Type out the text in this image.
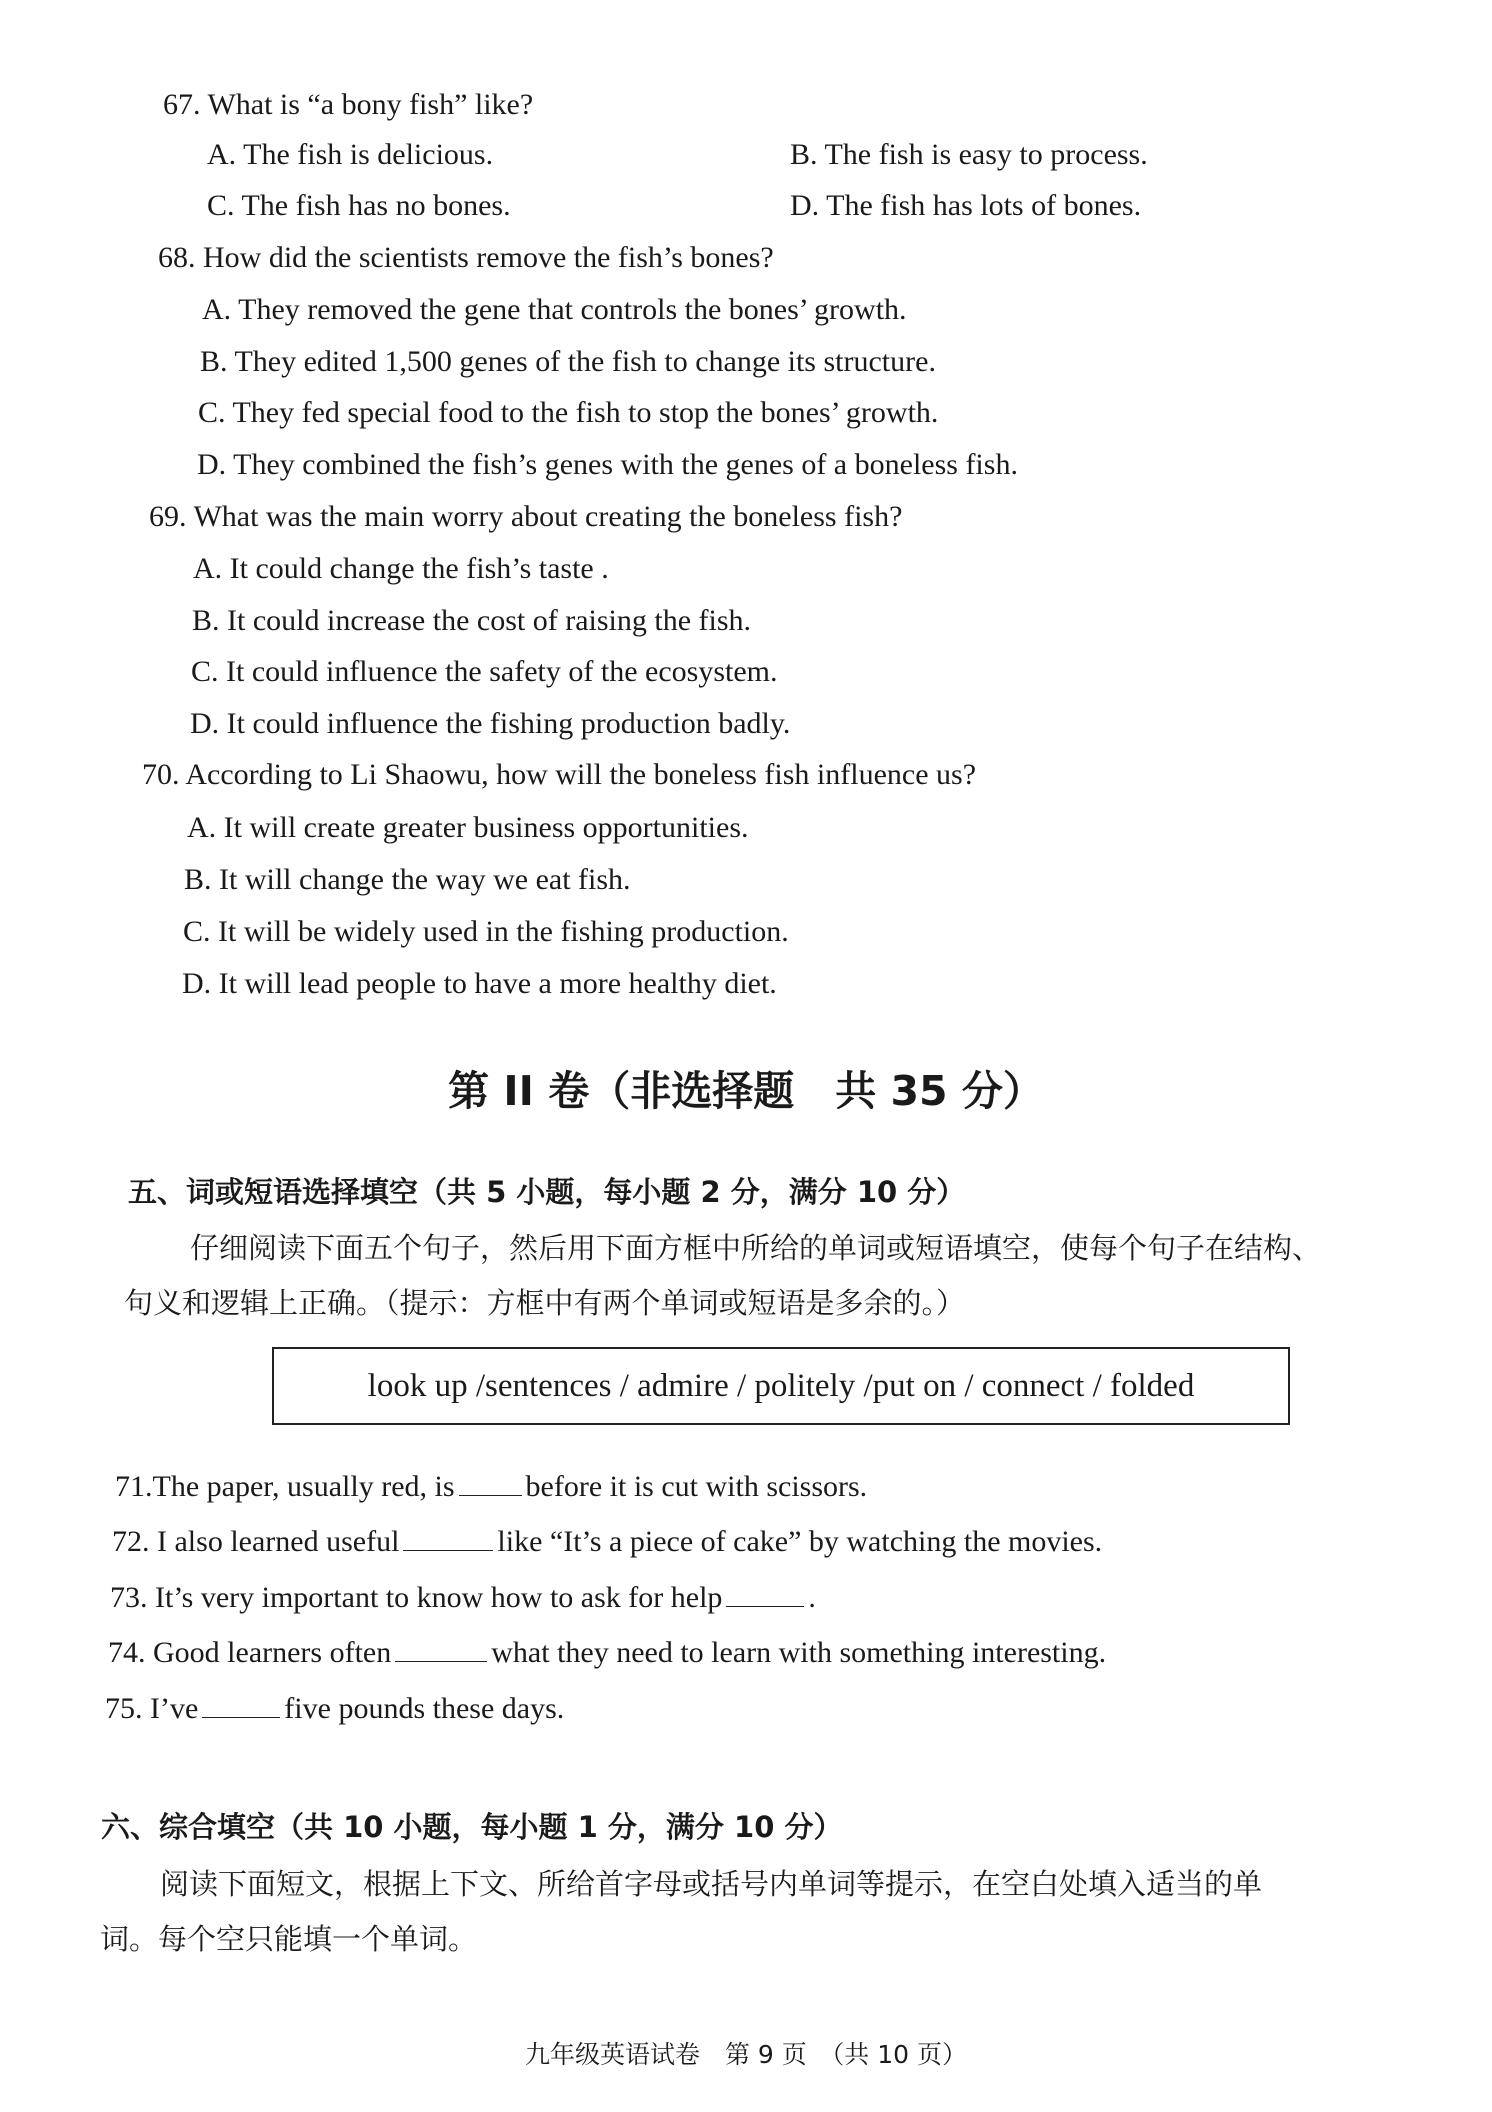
67. What is “a bony fish” like?
A. The fish is delicious.	B. The fish is easy to process.
C. The fish has no bones.	D. The fish has lots of bones.
68. How did the scientists remove the fish’s bones?
A. They removed the gene that controls the bones’ growth.
B. They edited 1,500 genes of the fish to change its structure.
C. They fed special food to the fish to stop the bones’ growth.
D. They combined the fish’s genes with the genes of a boneless fish.
69. What was the main worry about creating the boneless fish?
A. It could change the fish’s taste .
B. It could increase the cost of raising the fish.
C. It could influence the safety of the ecosystem.
D. It could influence the fishing production badly.
70. According to Li Shaowu, how will the boneless fish influence us?
A. It will create greater business opportunities.
B. It will change the way we eat fish.
C. It will be widely used in the fishing production.
D. It will lead people to have a more healthy diet.
第 II 卷（非选择题　共 35 分）
五、词或短语选择填空（共 5 小题，每小题 2 分，满分 10 分）
仔细阅读下面五个句子，然后用下面方框中所给的单词或短语填空，使每个句子在结构、
句义和逻辑上正确。（提示：方框中有两个单词或短语是多余的。）
look up /sentences / admire / politely /put on / connect / folded
71.The paper, usually red, is before it is cut with scissors.
72. I also learned useful	like “It’s a piece of cake” by watching the movies.
73. It’s very important to know how to ask for help	.
74. Good learners often	what they need to learn with something interesting.
75. I’ve	five pounds these days.
六、综合填空（共 10 小题，每小题 1 分，满分 10 分）
阅读下面短文，根据上下文、所给首字母或括号内单词等提示，在空白处填入适当的单
词。每个空只能填一个单词。
九年级英语试卷　第 9 页　（共 10 页）
